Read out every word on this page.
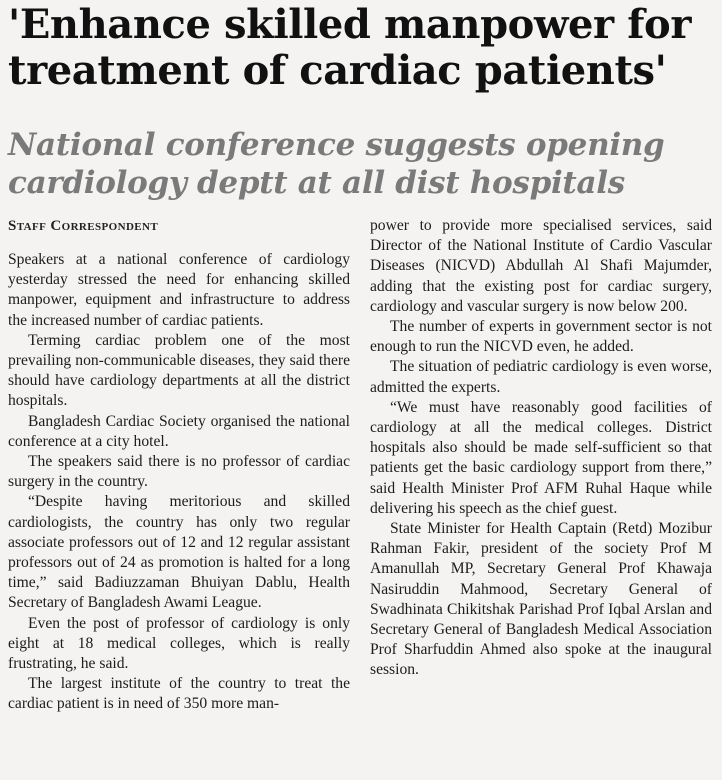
'Enhance skilled manpower for treatment of cardiac patients'
National conference suggests opening cardiology deptt at all dist hospitals
Staff Correspondent

Speakers at a national conference of cardiology yesterday stressed the need for enhancing skilled manpower, equipment and infrastructure to address the increased number of cardiac patients.

Terming cardiac problem one of the most prevailing non-communicable diseases, they said there should have cardiology departments at all the district hospitals.

Bangladesh Cardiac Society organised the national conference at a city hotel.

The speakers said there is no professor of cardiac surgery in the country.

“Despite having meritorious and skilled cardiologists, the country has only two regular associate professors out of 12 and 12 regular assistant professors out of 24 as promotion is halted for a long time,” said Badiuzzaman Bhuiyan Dablu, Health Secretary of Bangladesh Awami League.

Even the post of professor of cardiology is only eight at 18 medical colleges, which is really frustrating, he said.

The largest institute of the country to treat the cardiac patient is in need of 350 more man-

power to provide more specialised services, said Director of the National Institute of Cardio Vascular Diseases (NICVD) Abdullah Al Shafi Majumder, adding that the existing post for cardiac surgery, cardiology and vascular surgery is now below 200.

The number of experts in government sector is not enough to run the NICVD even, he added.

The situation of pediatric cardiology is even worse, admitted the experts.

“We must have reasonably good facilities of cardiology at all the medical colleges. District hospitals also should be made self-sufficient so that patients get the basic cardiology support from there,” said Health Minister Prof AFM Ruhal Haque while delivering his speech as the chief guest.

State Minister for Health Captain (Retd) Mozibur Rahman Fakir, president of the society Prof M Amanullah MP, Secretary General Prof Khawaja Nasiruddin Mahmood, Secretary General of Swadhinata Chikitshak Parishad Prof Iqbal Arslan and Secretary General of Bangladesh Medical Association Prof Sharfuddin Ahmed also spoke at the inaugural session.
